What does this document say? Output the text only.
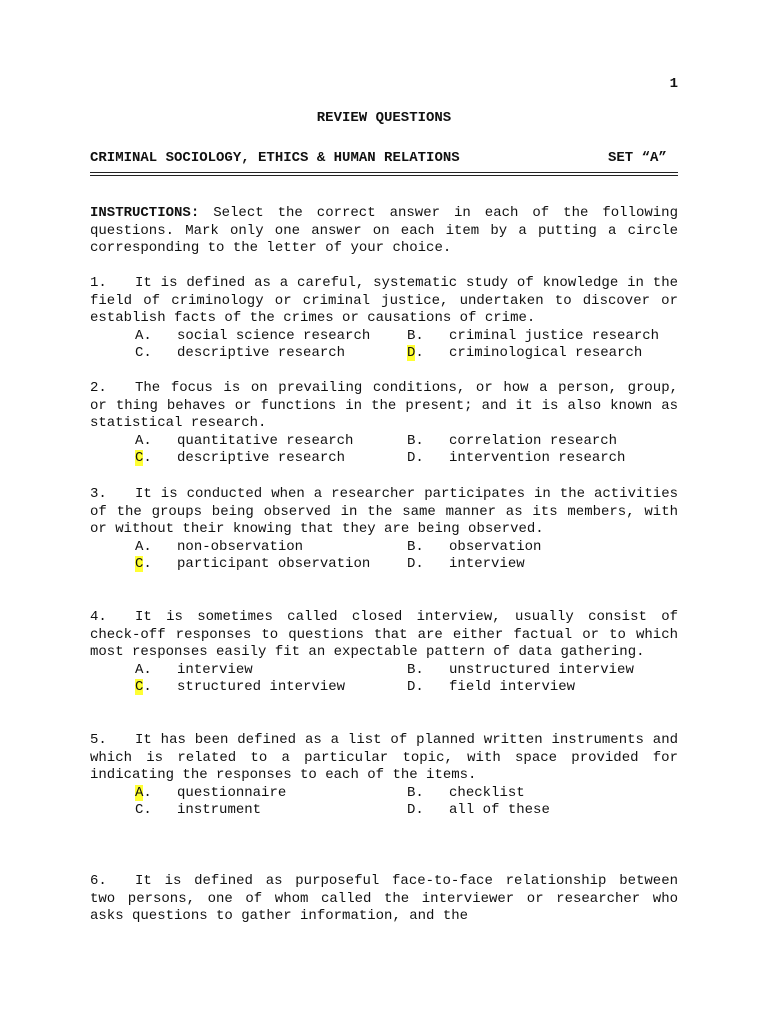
1
REVIEW QUESTIONS
CRIMINAL SOCIOLOGY, ETHICS & HUMAN RELATIONS	SET “A”
INSTRUCTIONS: Select the correct answer in each of the following questions. Mark only one answer on each item by a putting a circle corresponding to the letter of your choice.
1. It is defined as a careful, systematic study of knowledge in the field of criminology or criminal justice, undertaken to discover or establish facts of the crimes or causations of crime.
A. social science research	B. criminal justice research
C. descriptive research	D. criminological research
2. The focus is on prevailing conditions, or how a person, group, or thing behaves or functions in the present; and it is also known as statistical research.
A. quantitative research	B. correlation research
C. descriptive research	D. intervention research
3. It is conducted when a researcher participates in the activities of the groups being observed in the same manner as its members, with or without their knowing that they are being observed.
A. non-observation	B. observation
C. participant observation	D. interview
4. It is sometimes called closed interview, usually consist of check-off responses to questions that are either factual or to which most responses easily fit an expectable pattern of data gathering.
A. interview	B. unstructured interview
C. structured interview	D. field interview
5. It has been defined as a list of planned written instruments and which is related to a particular topic, with space provided for indicating the responses to each of the items.
A. questionnaire	B. checklist
C. instrument	D. all of these
6. It is defined as purposeful face-to-face relationship between two persons, one of whom called the interviewer or researcher who asks questions to gather information, and the
